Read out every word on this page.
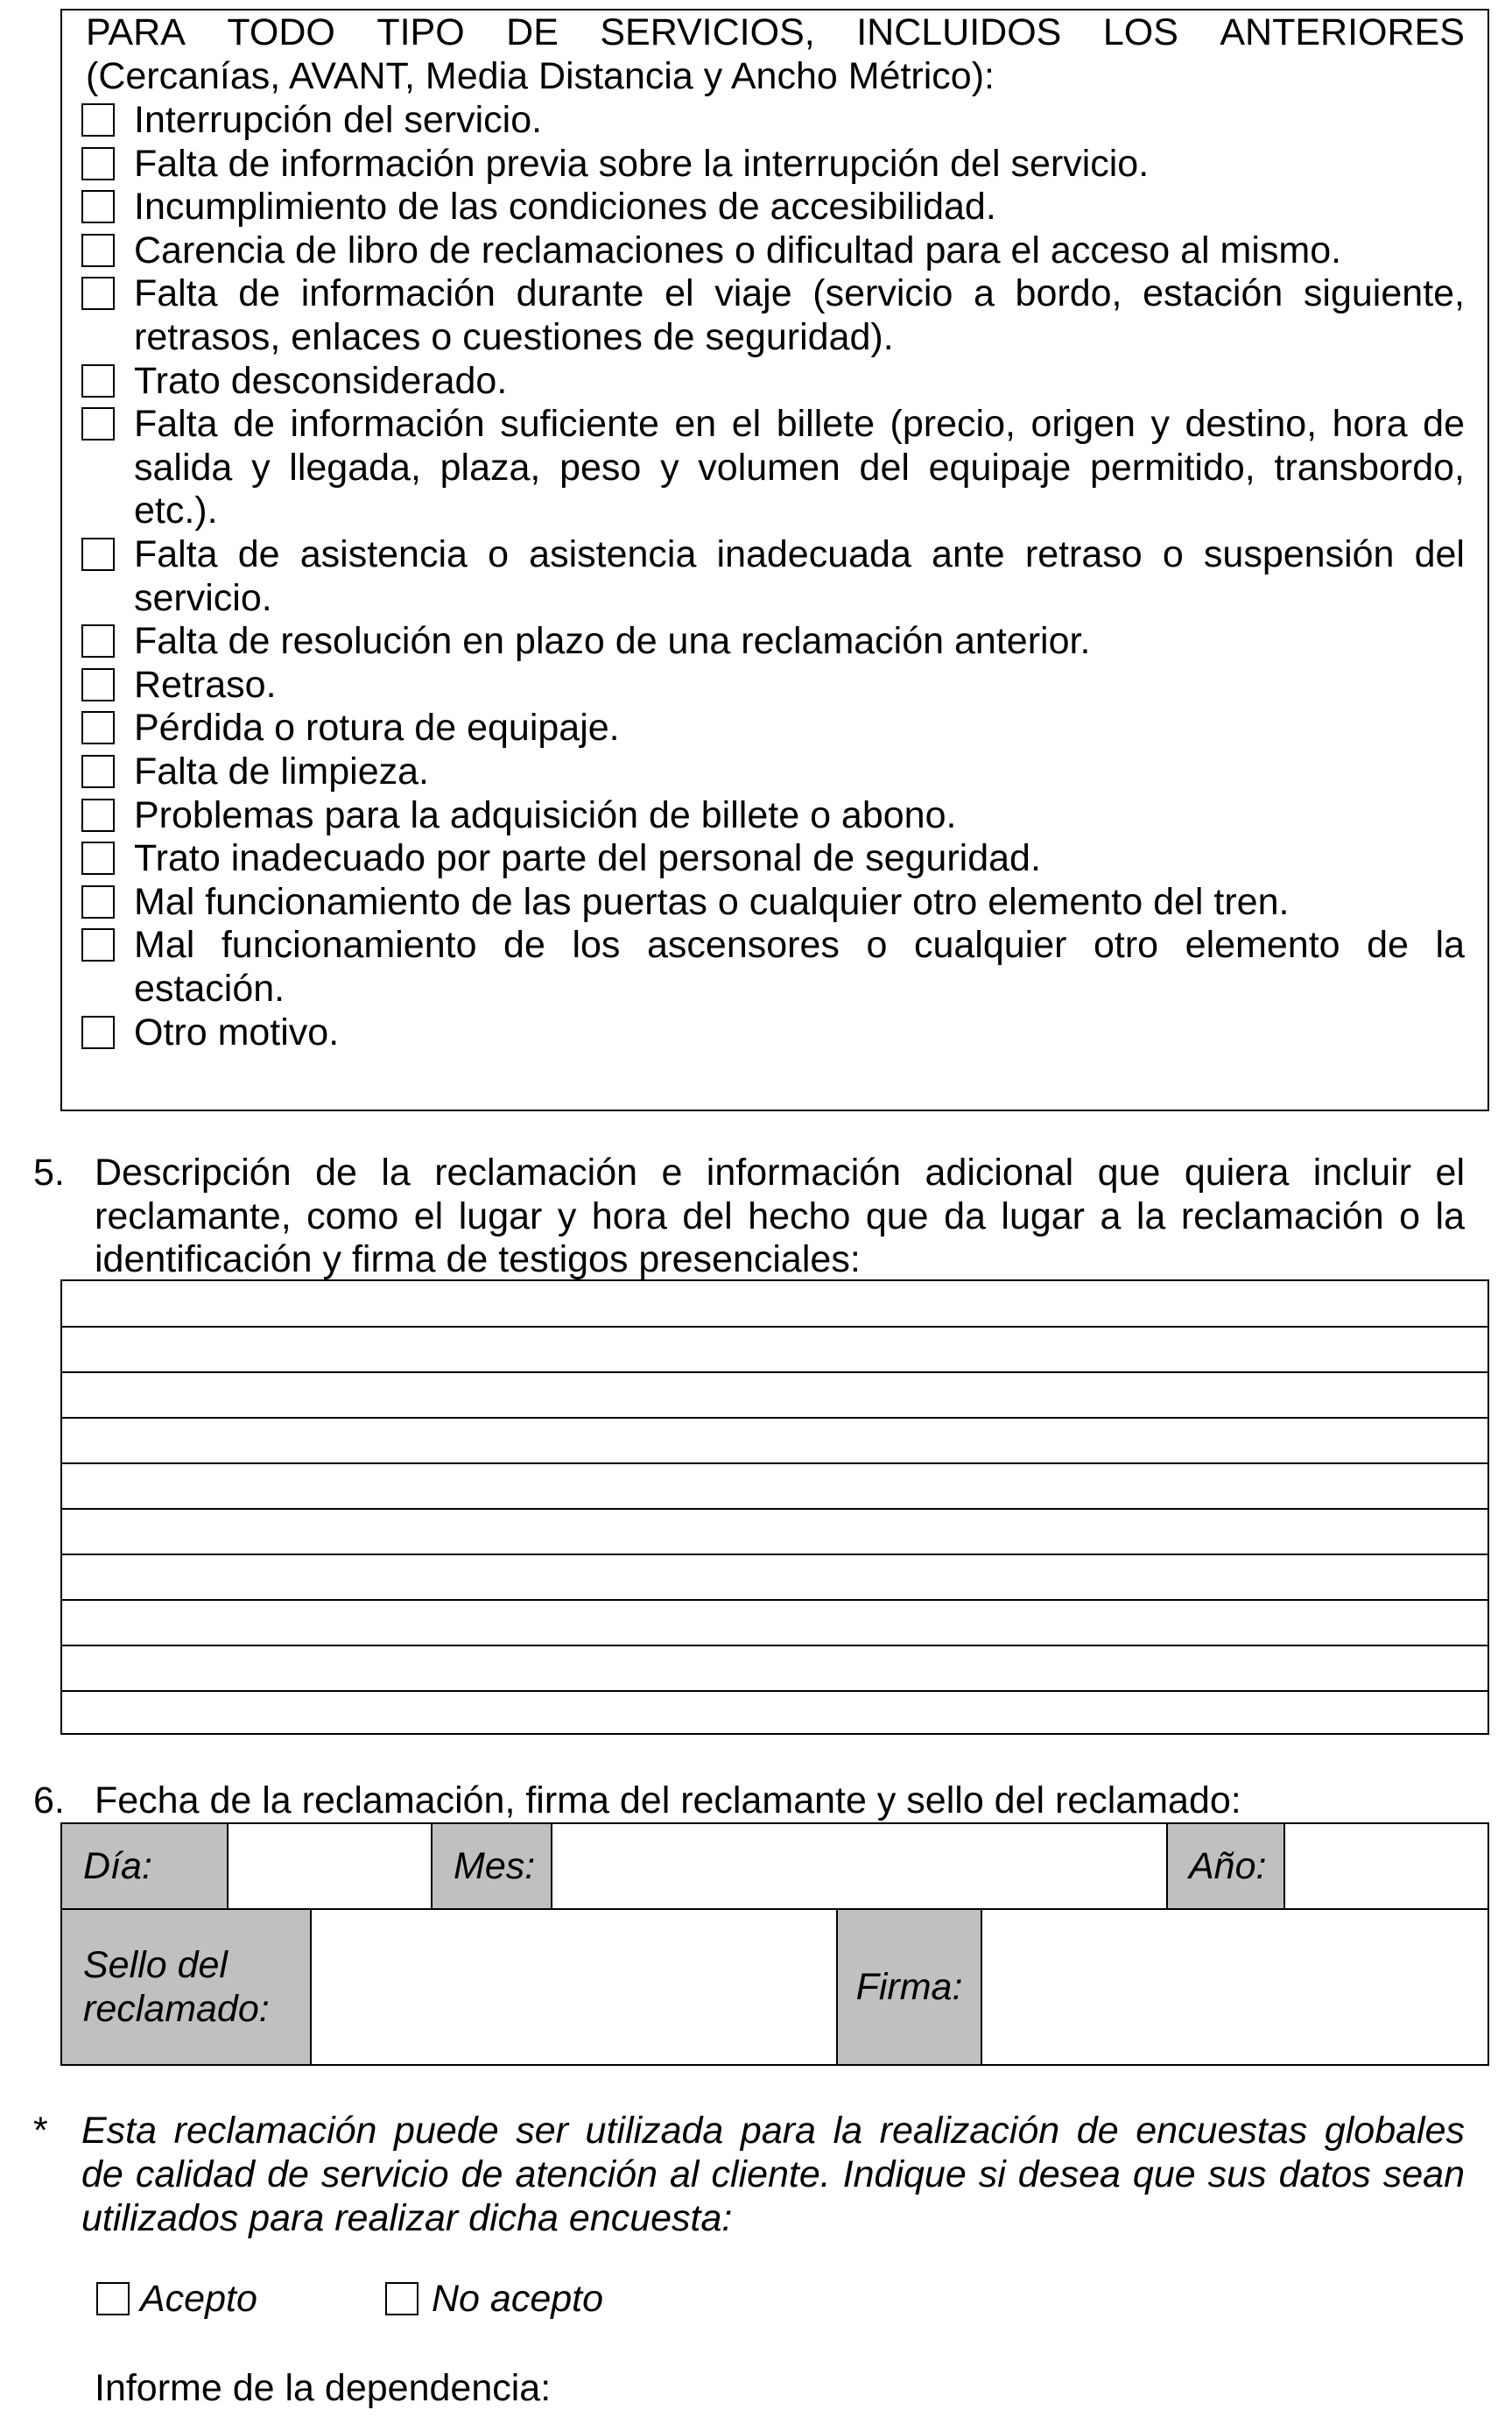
PARA TODO TIPO DE SERVICIOS, INCLUIDOS LOS ANTERIORES
(Cercanías, AVANT, Media Distancia y Ancho Métrico):
Interrupción del servicio.
Falta de información previa sobre la interrupción del servicio.
Incumplimiento de las condiciones de accesibilidad.
Carencia de libro de reclamaciones o dificultad para el acceso al mismo.
Falta de información durante el viaje (servicio a bordo, estación siguiente,
retrasos, enlaces o cuestiones de seguridad).
Trato desconsiderado.
Falta de información suficiente en el billete (precio, origen y destino, hora de
salida y llegada, plaza, peso y volumen del equipaje permitido, transbordo,
etc.).
Falta de asistencia o asistencia inadecuada ante retraso o suspensión del
servicio.
Falta de resolución en plazo de una reclamación anterior.
Retraso.
Pérdida o rotura de equipaje.
Falta de limpieza.
Problemas para la adquisición de billete o abono.
Trato inadecuado por parte del personal de seguridad.
Mal funcionamiento de las puertas o cualquier otro elemento del tren.
Mal funcionamiento de los ascensores o cualquier otro elemento de la
estación.
Otro motivo.
5. Descripción de la reclamación e información adicional que quiera incluir el
reclamante, como el lugar y hora del hecho que da lugar a la reclamación o la
identificación y firma de testigos presenciales:
6. Fecha de la reclamación, firma del reclamante y sello del reclamado:
Día:		Mes:		Año:	
Sello del
reclamado:		Firma:	
* Esta reclamación puede ser utilizada para la realización de encuestas globales
de calidad de servicio de atención al cliente. Indique si desea que sus datos sean
utilizados para realizar dicha encuesta:
Acepto	No acepto
Informe de la dependencia:
